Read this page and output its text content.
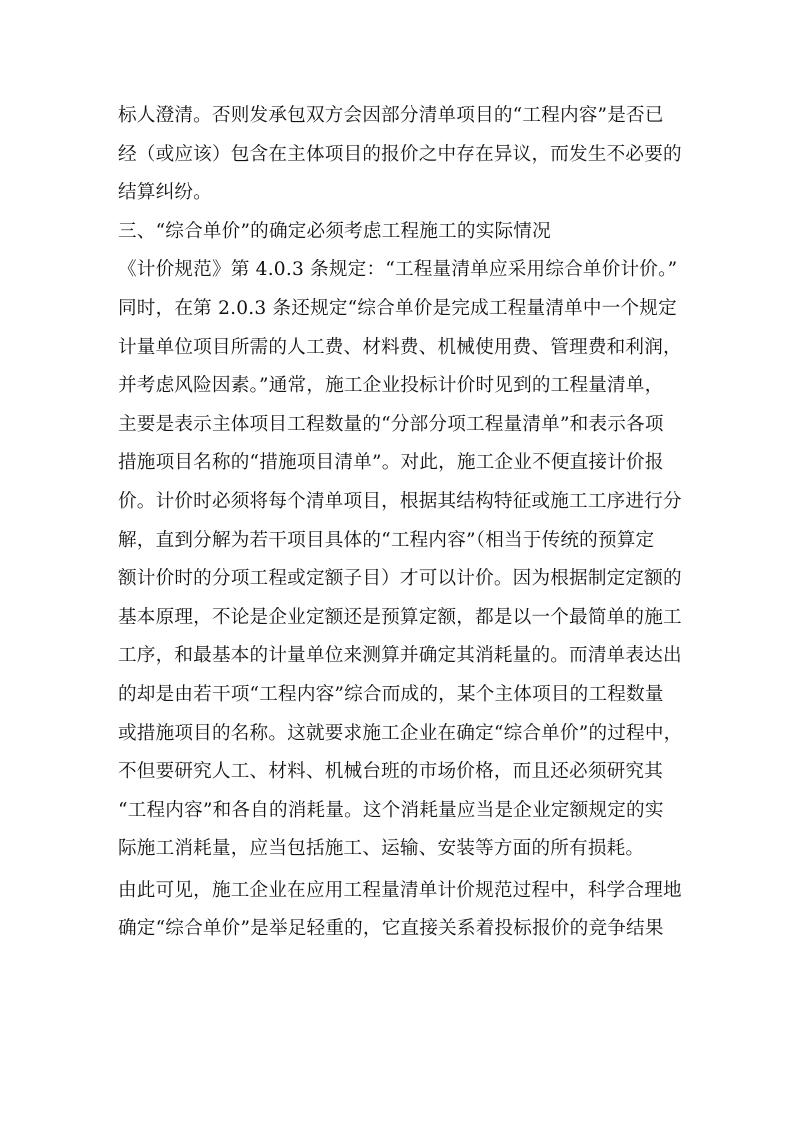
标人澄清。否则发承包双方会因部分清单项目的“工程内容”是否已
经（或应该）包含在主体项目的报价之中存在异议，而发生不必要的
结算纠纷。
三、“综合单价”的确定必须考虑工程施工的实际情况
《计价规范》第 4.0.3 条规定：“工程量清单应采用综合单价计价。”
同时，在第 2.0.3 条还规定“综合单价是完成工程量清单中一个规定
计量单位项目所需的人工费、材料费、机械使用费、管理费和利润，
并考虑风险因素。”通常，施工企业投标计价时见到的工程量清单，
主要是表示主体项目工程数量的“分部分项工程量清单”和表示各项
措施项目名称的“措施项目清单”。对此，施工企业不便直接计价报
价。计价时必须将每个清单项目，根据其结构特征或施工工序进行分
解，直到分解为若干项目具体的“工程内容”（相当于传统的预算定
额计价时的分项工程或定额子目）才可以计价。因为根据制定定额的
基本原理，不论是企业定额还是预算定额，都是以一个最简单的施工
工序，和最基本的计量单位来测算并确定其消耗量的。而清单表达出
的却是由若干项“工程内容”综合而成的，某个主体项目的工程数量
或措施项目的名称。这就要求施工企业在确定“综合单价”的过程中，
不但要研究人工、材料、机械台班的市场价格，而且还必须研究其
“工程内容”和各自的消耗量。这个消耗量应当是企业定额规定的实
际施工消耗量，应当包括施工、运输、安装等方面的所有损耗。
由此可见，施工企业在应用工程量清单计价规范过程中，科学合理地
确定“综合单价”是举足轻重的，它直接关系着投标报价的竞争结果
